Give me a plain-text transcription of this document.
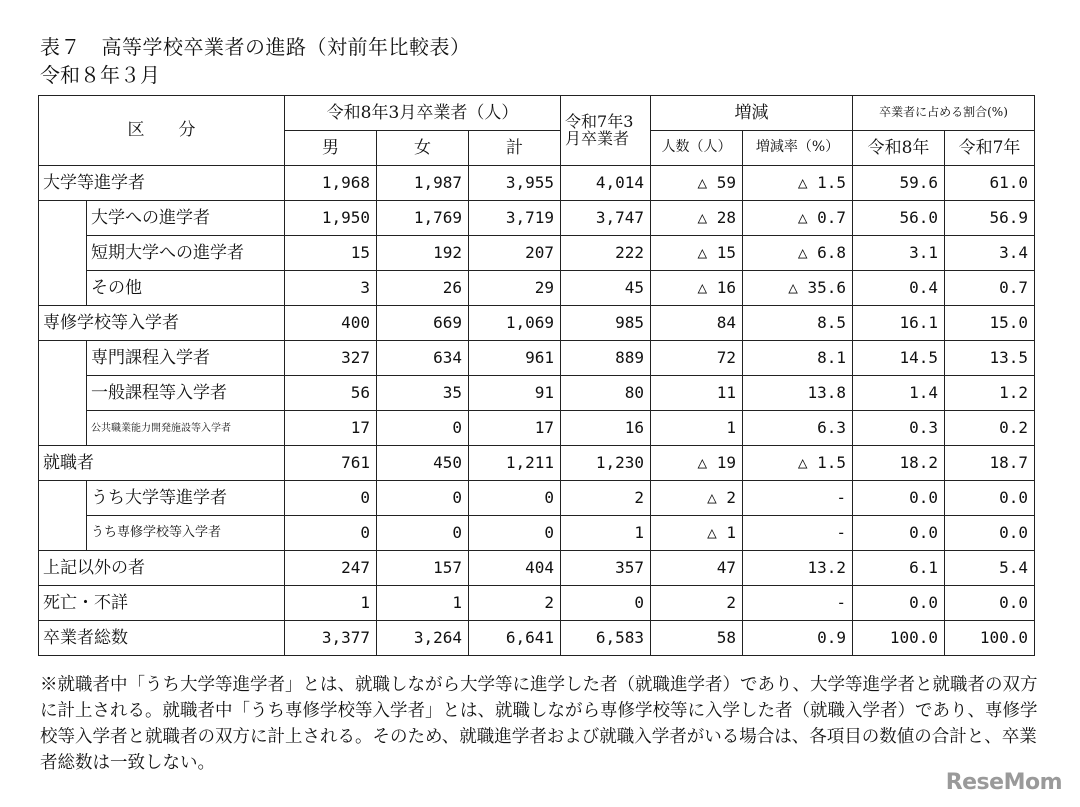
表７　高等学校卒業者の進路（対前年比較表）
令和８年３月
区　　分		令和8年3月卒業者（人）			令和7年3月卒業者	増減		卒業者に占める割合(%)	
		男	女	計		人数（人）	増減率（%）	令和8年	令和7年
大学等進学者		1,968	1,987	3,955	4,014	△ 59	△ 1.5	59.6	61.0
	大学への進学者	1,950	1,769	3,719	3,747	△ 28	△ 0.7	56.0	56.9
	短期大学への進学者	15	192	207	222	△ 15	△ 6.8	3.1	3.4
	その他	3	26	29	45	△ 16	△ 35.6	0.4	0.7
専修学校等入学者		400	669	1,069	985	84	8.5	16.1	15.0
	専門課程入学者	327	634	961	889	72	8.1	14.5	13.5
	一般課程等入学者	56	35	91	80	11	13.8	1.4	1.2
	公共職業能力開発施設等入学者	17	0	17	16	1	6.3	0.3	0.2
就職者		761	450	1,211	1,230	△ 19	△ 1.5	18.2	18.7
	うち大学等進学者	0	0	0	2	△ 2	-	0.0	0.0
	うち専修学校等入学者	0	0	0	1	△ 1	-	0.0	0.0
上記以外の者		247	157	404	357	47	13.2	6.1	5.4
死亡・不詳		1	1	2	0	2	-	0.0	0.0
卒業者総数		3,377	3,264	6,641	6,583	58	0.9	100.0	100.0
※就職者中「うち大学等進学者」とは、就職しながら大学等に進学した者（就職進学者）であり、大学等進学者と就職者の双方に計上される。就職者中「うち専修学校等入学者」とは、就職しながら専修学校等に入学した者（就職入学者）であり、専修学校等入学者と就職者の双方に計上される。そのため、就職進学者および就職入学者がいる場合は、各項目の数値の合計と、卒業者総数は一致しない。
ReseMom
